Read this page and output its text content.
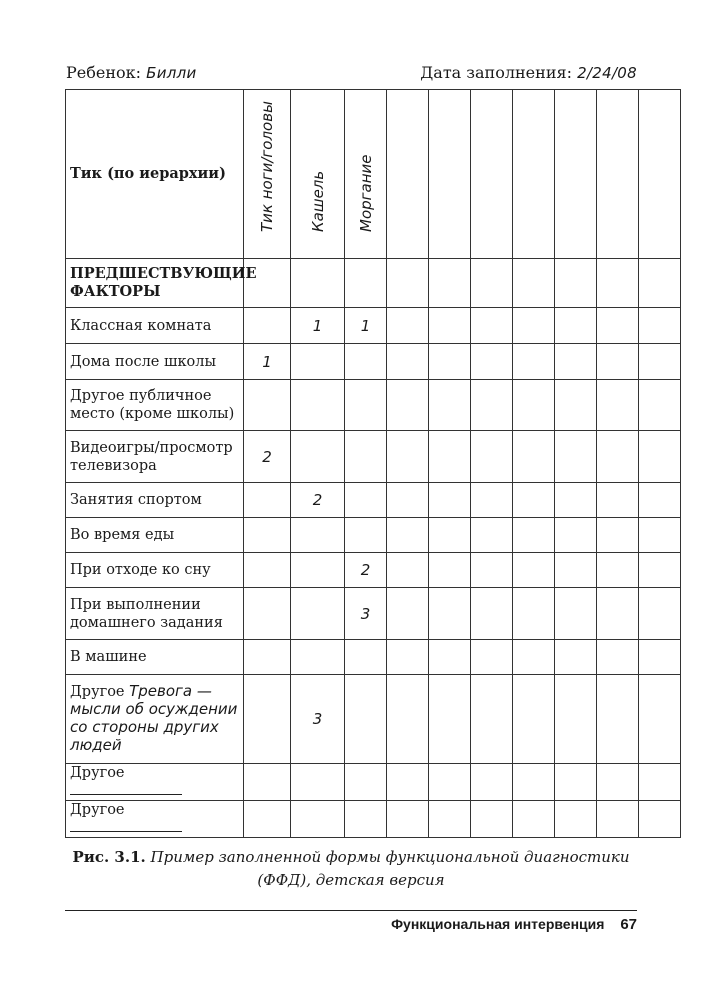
Ребенок: Билли	Дата заполнения: 2/24/08
Тик (по иерархии)	Тик ноги/головы	Кашель	Моргание							

ПРЕДШЕСТВУЮЩИЕ ФАКТОРЫ										
Классная комната		1	1							
Дома после школы	1									
Другое публичное место (кроме школы)										
Видеоигры/просмотр телевизора	2									
Занятия спортом		2								
Во время еды										
При отходе ко сну			2							
При выполнении домашнего задания			3							
В машине										
Другое Тревога — мысли об осуждении со стороны других людей		3								
Другое										
Другое										
Рис. 3.1. Пример заполненной формы функциональной диагностики (ФФД), детская версия
Функциональная интервенция 67
